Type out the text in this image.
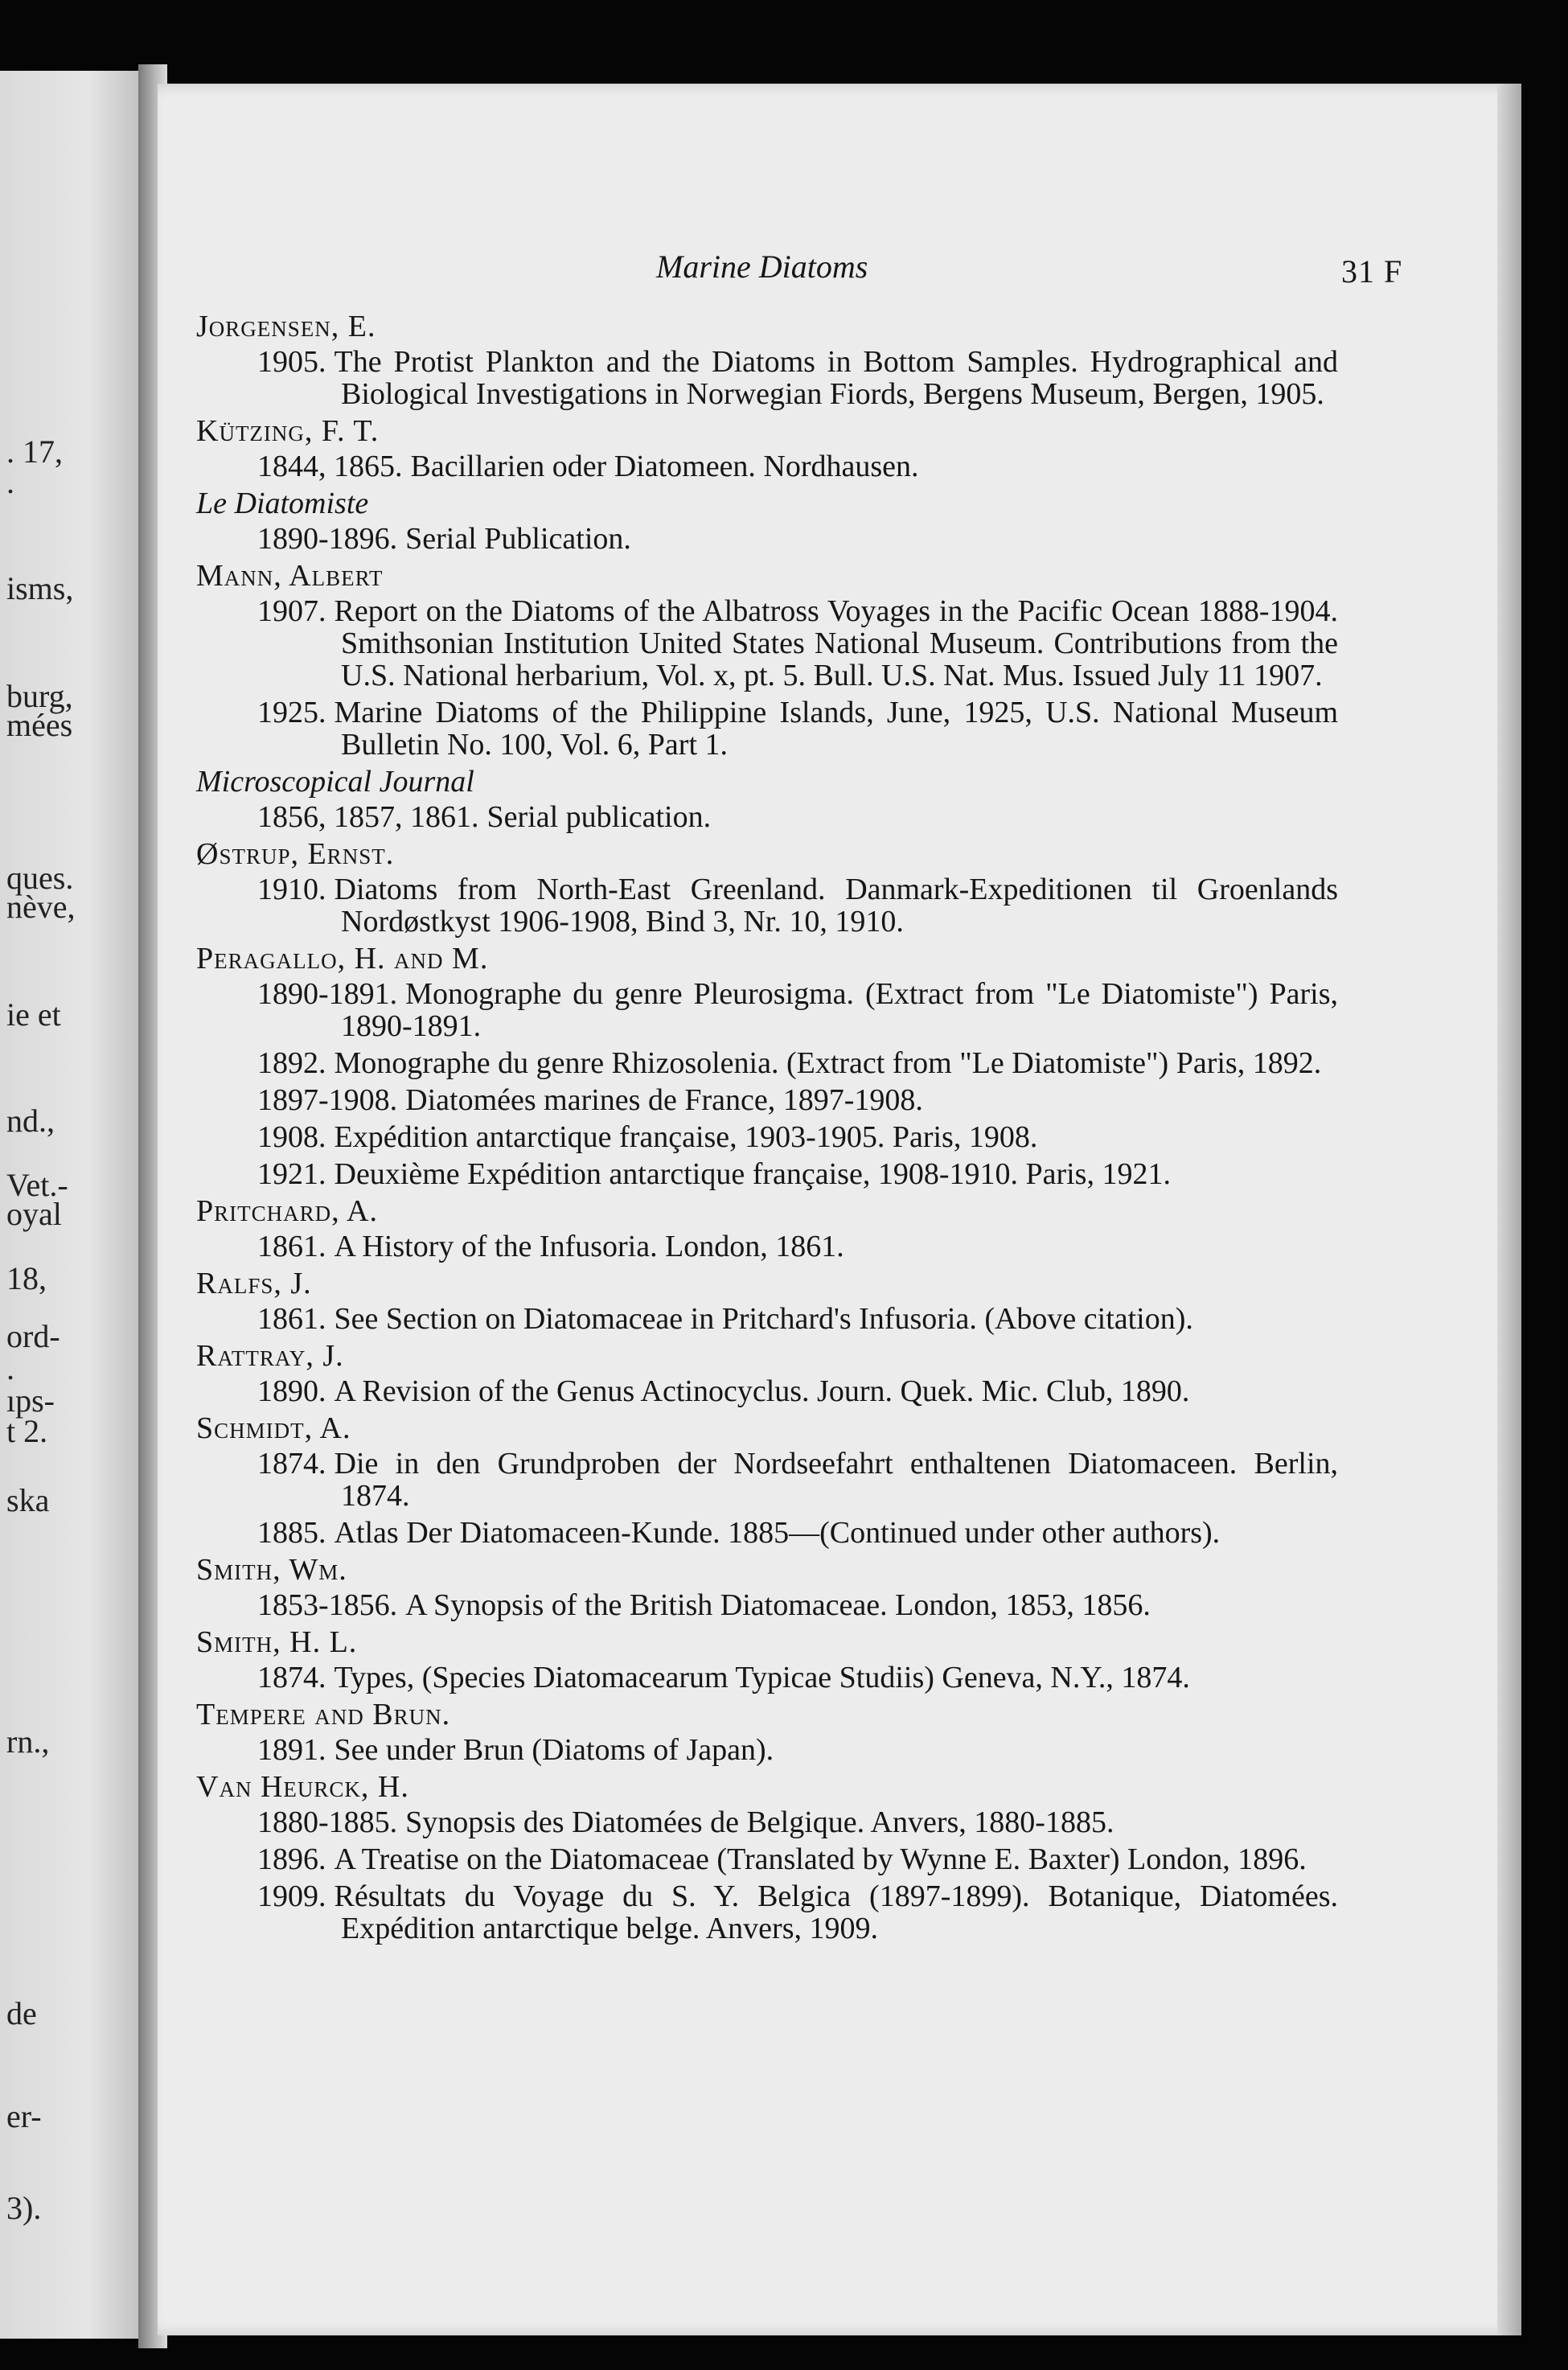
. 17,
.
isms,
burg,
mées
ques.
nève,
ie et
nd.,
Vet.-
oyal
18,
ord-
.
ıps-
t 2.
ska
rn.,
de
er-
3).
Marine Diatoms	31 F
Jorgensen, E.
1905. The Protist Plankton and the Diatoms in Bottom Samples. Hydrographical and Biological Investigations in Norwegian Fiords, Bergens Museum, Bergen, 1905.
Kützing, F. T.
1844, 1865. Bacillarien oder Diatomeen. Nordhausen.
Le Diatomiste
1890-1896. Serial Publication.
Mann, Albert
1907. Report on the Diatoms of the Albatross Voyages in the Pacific Ocean 1888-1904. Smithsonian Institution United States National Museum. Contributions from the U.S. National herbarium, Vol. x, pt. 5. Bull. U.S. Nat. Mus. Issued July 11 1907.
1925. Marine Diatoms of the Philippine Islands, June, 1925, U.S. National Museum Bulletin No. 100, Vol. 6, Part 1.
Microscopical Journal
1856, 1857, 1861. Serial publication.
Østrup, Ernst.
1910. Diatoms from North-East Greenland. Danmark-Expeditionen til Groenlands Nordøstkyst 1906-1908, Bind 3, Nr. 10, 1910.
Peragallo, H. and M.
1890-1891. Monographe du genre Pleurosigma. (Extract from "Le Diatomiste") Paris, 1890-1891.
1892. Monographe du genre Rhizosolenia. (Extract from "Le Diatomiste") Paris, 1892.
1897-1908. Diatomées marines de France, 1897-1908.
1908. Expédition antarctique française, 1903-1905. Paris, 1908.
1921. Deuxième Expédition antarctique française, 1908-1910. Paris, 1921.
Pritchard, A.
1861. A History of the Infusoria. London, 1861.
Ralfs, J.
1861. See Section on Diatomaceae in Pritchard's Infusoria. (Above citation).
Rattray, J.
1890. A Revision of the Genus Actinocyclus. Journ. Quek. Mic. Club, 1890.
Schmidt, A.
1874. Die in den Grundproben der Nordseefahrt enthaltenen Diatomaceen. Berlin, 1874.
1885. Atlas Der Diatomaceen-Kunde. 1885—(Continued under other authors).
Smith, Wm.
1853-1856. A Synopsis of the British Diatomaceae. London, 1853, 1856.
Smith, H. L.
1874. Types, (Species Diatomacearum Typicae Studiis) Geneva, N.Y., 1874.
Tempere and Brun.
1891. See under Brun (Diatoms of Japan).
Van Heurck, H.
1880-1885. Synopsis des Diatomées de Belgique. Anvers, 1880-1885.
1896. A Treatise on the Diatomaceae (Translated by Wynne E. Baxter) London, 1896.
1909. Résultats du Voyage du S. Y. Belgica (1897-1899). Botanique, Diatomées. Expédition antarctique belge. Anvers, 1909.
